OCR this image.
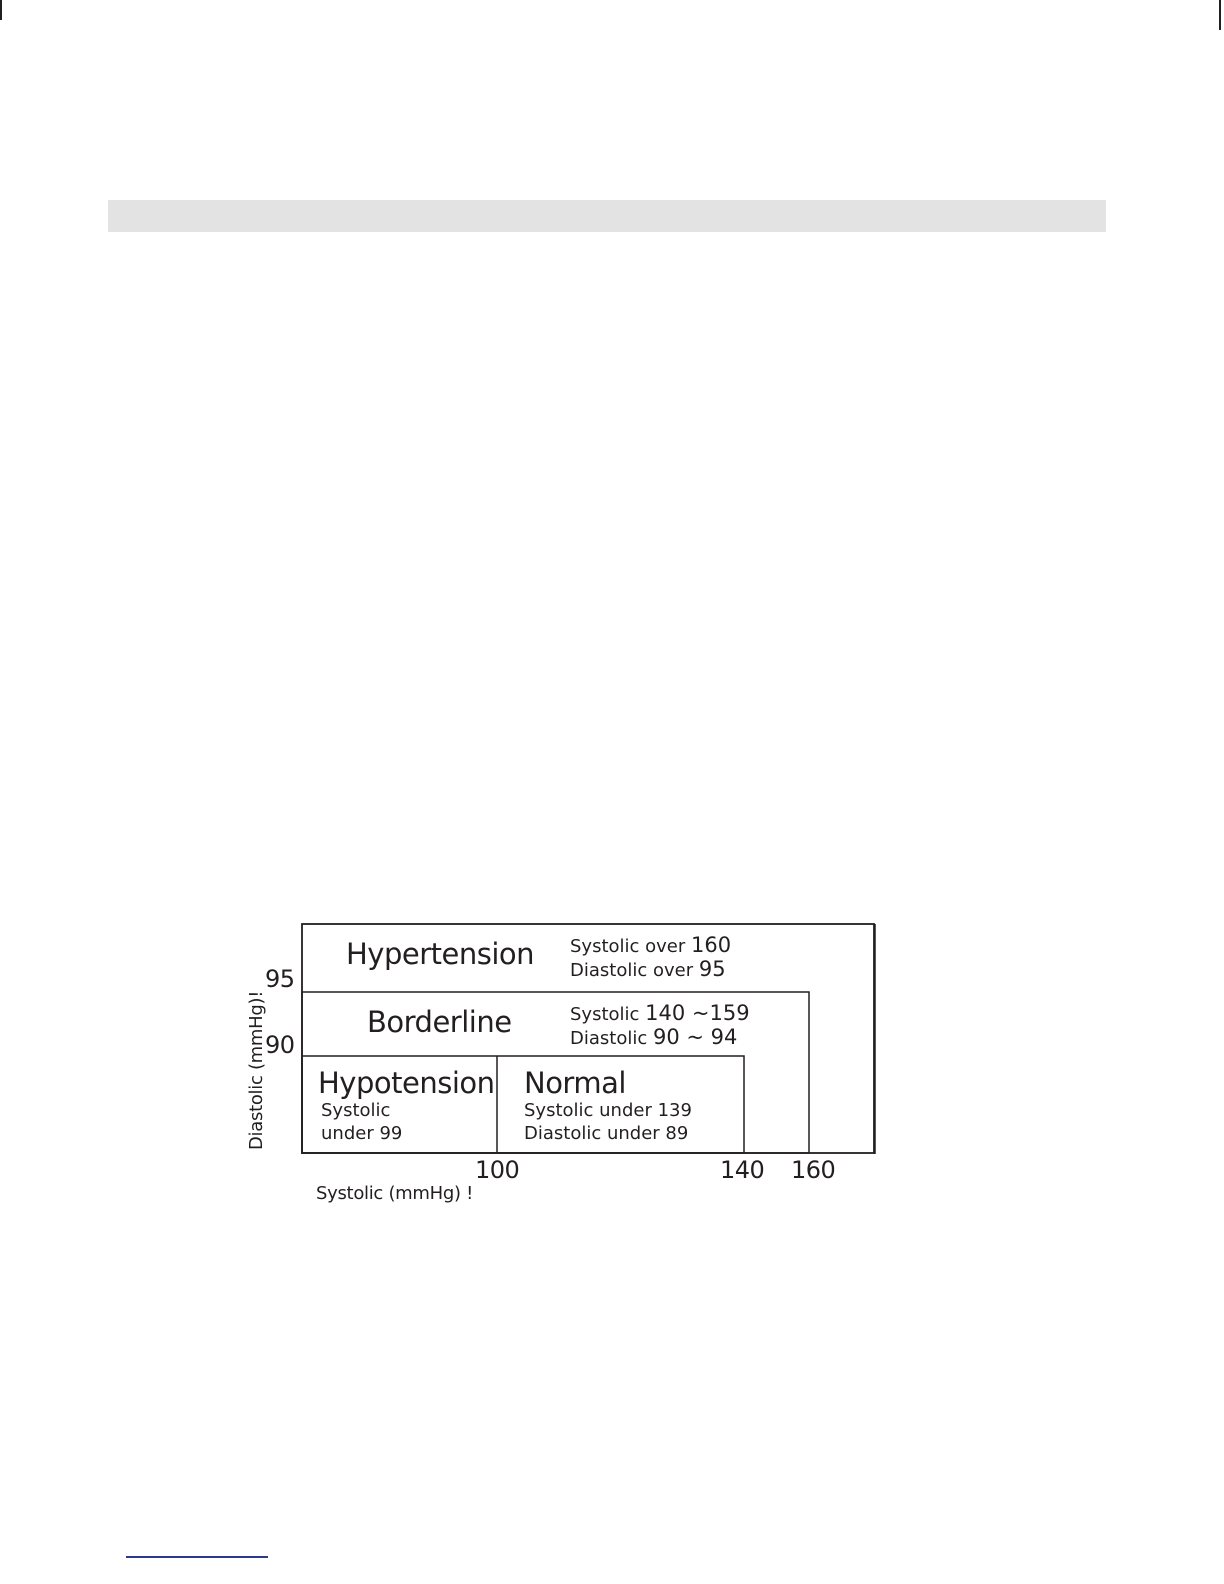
Hypertension Systolic over 160
Diastolic over 95
Borderline	Systolic 140 ~159
Diastolic 90 ~ 94
Hypotension
Systolic
under 99
Normal
Systolic under 139
Diastolic under 89
95
90
100	140 160
Systolic (mmHg) !
Diastolic (mmHg)!
